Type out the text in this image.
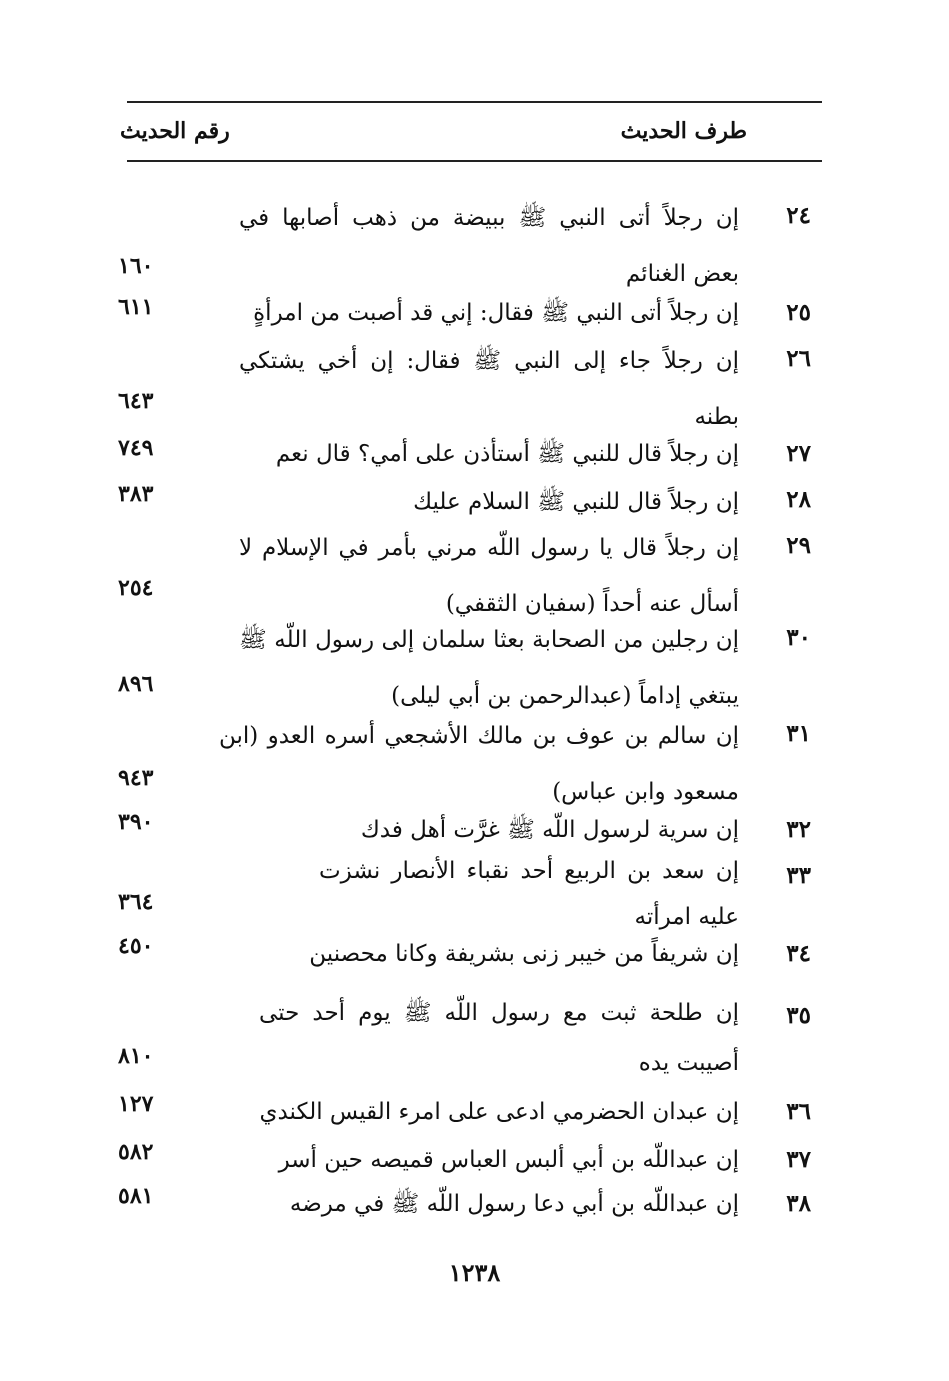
طرف الحديث
رقم الحديث
٢٤
إن رجلاً أتى النبي ﷺ ببيضة من ذهب أصابها في بعض الغنائم
١٦٠
٢٥
إن رجلاً أتى النبي ﷺ فقال: إني قد أصبت من امرأةٍ
٦١١
٢٦
إن رجلاً جاء إلى النبي ﷺ فقال: إن أخي يشتكي بطنه
٦٤٣
٢٧
إن رجلاً قال للنبي ﷺ أستأذن على أمي؟ قال نعم
٧٤٩
٢٨
إن رجلاً قال للنبي ﷺ السلام عليك
٣٨٣
٢٩
إن رجلاً قال يا رسول اللّه مرني بأمر في الإسلام لا أسأل عنه أحداً (سفيان الثقفي)
٢٥٤
٣٠
إن رجلين من الصحابة بعثا سلمان إلى رسول اللّه ﷺ يبتغي إداماً (عبدالرحمن بن أبي ليلى)
٨٩٦
٣١
إن سالم بن عوف بن مالك الأشجعي أسره العدو (ابن مسعود وابن عباس)
٩٤٣
٣٢
إن سرية لرسول اللّه ﷺ غرَّت أهل فدك
٣٩٠
٣٣
إن سعد بن الربيع أحد نقباء الأنصار نشزت عليه امرأته
٣٦٤
٣٤
إن شريفاً من خيبر زنى بشريفة وكانا محصنين
٤٥٠
٣٥
إن طلحة ثبت مع رسول اللّه ﷺ يوم أحد حتى أصيبت يده
٨١٠
٣٦
إن عبدان الحضرمي ادعى على امرء القيس الكندي
١٢٧
٣٧
إن عبداللّه بن أبي ألبس العباس قميصه حين أسر
٥٨٢
٣٨
إن عبداللّه بن أبي دعا رسول اللّه ﷺ في مرضه
٥٨١
١٢٣٨
